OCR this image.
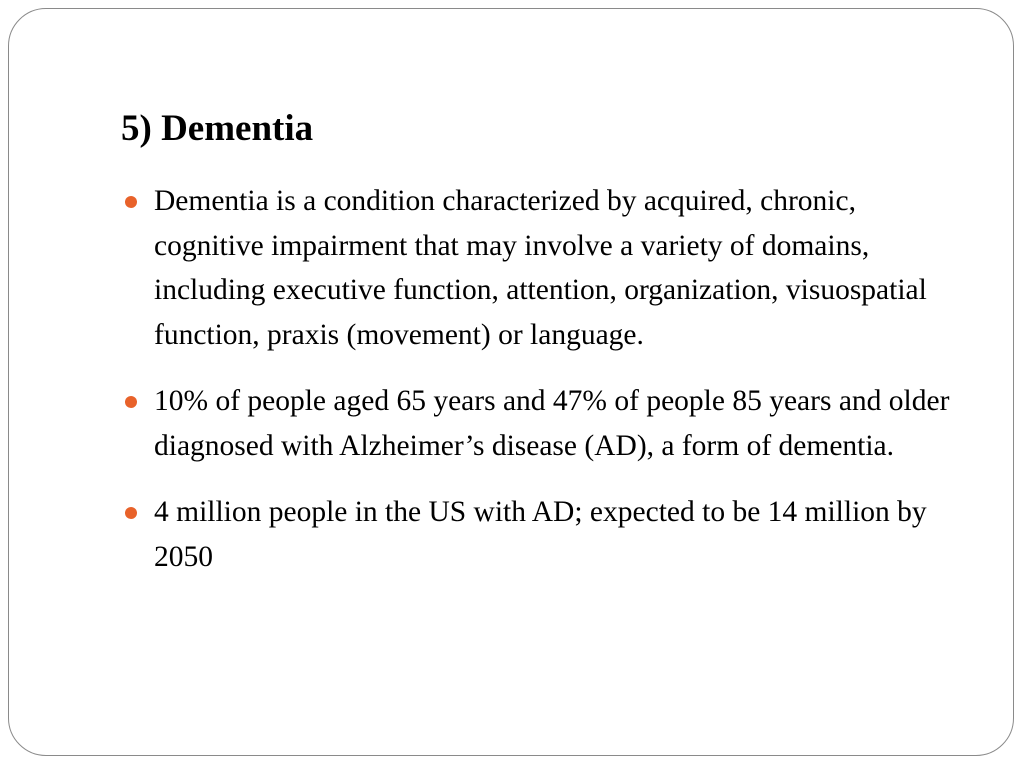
5) Dementia
Dementia is a condition characterized by acquired, chronic, cognitive impairment that may involve a variety of domains, including executive function, attention, organization, visuospatial function, praxis (movement) or language.
10% of people aged 65 years and 47% of people 85 years and older diagnosed with Alzheimer’s disease (AD), a form of dementia.
4 million people in the US with AD; expected to be 14 million by 2050
